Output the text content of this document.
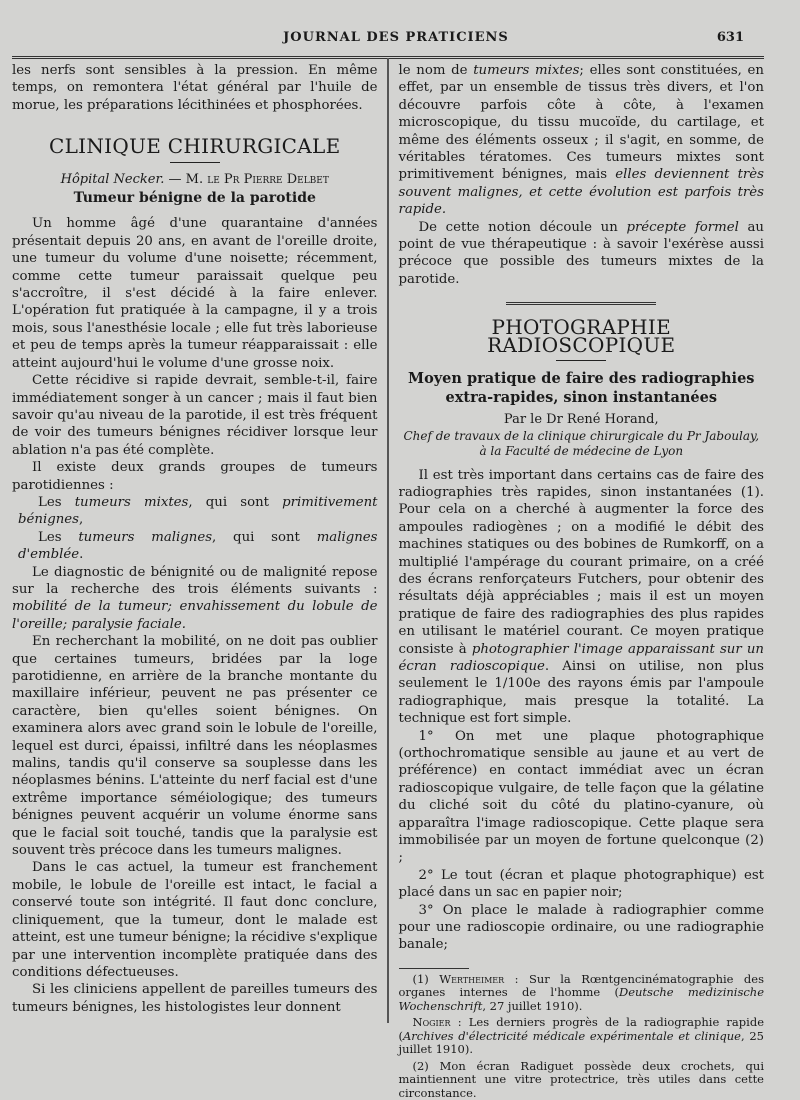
JOURNAL DES PRATICIENS	631

les nerfs sont sensibles à la pression. En même temps, on remontera l'état général par l'huile de morue, les préparations lécithinées et phosphorées.

CLINIQUE CHIRURGICALE
Hôpital Necker. — M. le Pr Pierre Delbet
Tumeur bénigne de la parotide

Un homme âgé d'une quarantaine d'années présentait depuis 20 ans, en avant de l'oreille droite, une tumeur du volume d'une noisette; récemment, comme cette tumeur paraissait quelque peu s'accroître, il s'est décidé à la faire enlever. L'opération fut pratiquée à la campagne, il y a trois mois, sous l'anesthésie locale ; elle fut très laborieuse et peu de temps après la tumeur réapparaissait : elle atteint aujourd'hui le volume d'une grosse noix.

Cette récidive si rapide devrait, semble-t-il, faire immédiatement songer à un cancer ; mais il faut bien savoir qu'au niveau de la parotide, il est très fréquent de voir des tumeurs bénignes récidiver lorsque leur ablation n'a pas été complète.

Il existe deux grands groupes de tumeurs parotidiennes :

Les tumeurs mixtes, qui sont primitivement bénignes,

Les tumeurs malignes, qui sont malignes d'emblée.

Le diagnostic de bénignité ou de malignité repose sur la recherche des trois éléments suivants : mobilité de la tumeur; envahissement du lobule de l'oreille; paralysie faciale.

En recherchant la mobilité, on ne doit pas oublier que certaines tumeurs, bridées par la loge parotidienne, en arrière de la branche montante du maxillaire inférieur, peuvent ne pas présenter ce caractère, bien qu'elles soient bénignes. On examinera alors avec grand soin le lobule de l'oreille, lequel est durci, épaissi, infiltré dans les néoplasmes malins, tandis qu'il conserve sa souplesse dans les néoplasmes bénins. L'atteinte du nerf facial est d'une extrême importance séméiologique; des tumeurs bénignes peuvent acquérir un volume énorme sans que le facial soit touché, tandis que la paralysie est souvent très précoce dans les tumeurs malignes.

Dans le cas actuel, la tumeur est franchement mobile, le lobule de l'oreille est intact, le facial a conservé toute son intégrité. Il faut donc conclure, cliniquement, que la tumeur, dont le malade est atteint, est une tumeur bénigne; la récidive s'explique par une intervention incomplète pratiquée dans des conditions défectueuses.

Si les cliniciens appellent de pareilles tumeurs des tumeurs bénignes, les histologistes leur donnent

le nom de tumeurs mixtes; elles sont constituées, en effet, par un ensemble de tissus très divers, et l'on découvre parfois côte à côte, à l'examen microscopique, du tissu mucoïde, du cartilage, et même des éléments osseux ; il s'agit, en somme, de véritables tératomes. Ces tumeurs mixtes sont primitivement bénignes, mais elles deviennent très souvent malignes, et cette évolution est parfois très rapide.

De cette notion découle un précepte formel au point de vue thérapeutique : à savoir l'exérèse aussi précoce que possible des tumeurs mixtes de la parotide.

PHOTOGRAPHIE RADIOSCOPIQUE
Moyen pratique de faire des radiographies extra-rapides, sinon instantanées

Par le Dr René Horand,

Chef de travaux de la clinique chirurgicale du Pr Jaboulay, à la Faculté de médecine de Lyon

Il est très important dans certains cas de faire des radiographies très rapides, sinon instantanées (1). Pour cela on a cherché à augmenter la force des ampoules radiogènes ; on a modifié le débit des machines statiques ou des bobines de Rumkorff, on a multiplié l'ampérage du courant primaire, on a créé des écrans renforçateurs Futchers, pour obtenir des résultats déjà appréciables ; mais il est un moyen pratique de faire des radiographies des plus rapides en utilisant le matériel courant. Ce moyen pratique consiste à photographier l'image apparaissant sur un écran radioscopique. Ainsi on utilise, non plus seulement le 1/100e des rayons émis par l'ampoule radiographique, mais presque la totalité. La technique est fort simple.

1° On met une plaque photographique (orthochromatique sensible au jaune et au vert de préférence) en contact immédiat avec un écran radioscopique vulgaire, de telle façon que la gélatine du cliché soit du côté du platino-cyanure, où apparaîtra l'image radioscopique. Cette plaque sera immobilisée par un moyen de fortune quelconque (2) ;

2° Le tout (écran et plaque photographique) est placé dans un sac en papier noir;

3° On place le malade à radiographier comme pour une radioscopie ordinaire, ou une radiographie banale;

(1) Wertheimer : Sur la Rœntgencinématographie des organes internes de l'homme (Deutsche medizinische Wochenschrift, 27 juillet 1910).

Nogier : Les derniers progrès de la radiographie rapide (Archives d'électricité médicale expérimentale et clinique, 25 juillet 1910).

(2) Mon écran Radiguet possède deux crochets, qui maintiennent une vitre protectrice, très utiles dans cette circonstance.
